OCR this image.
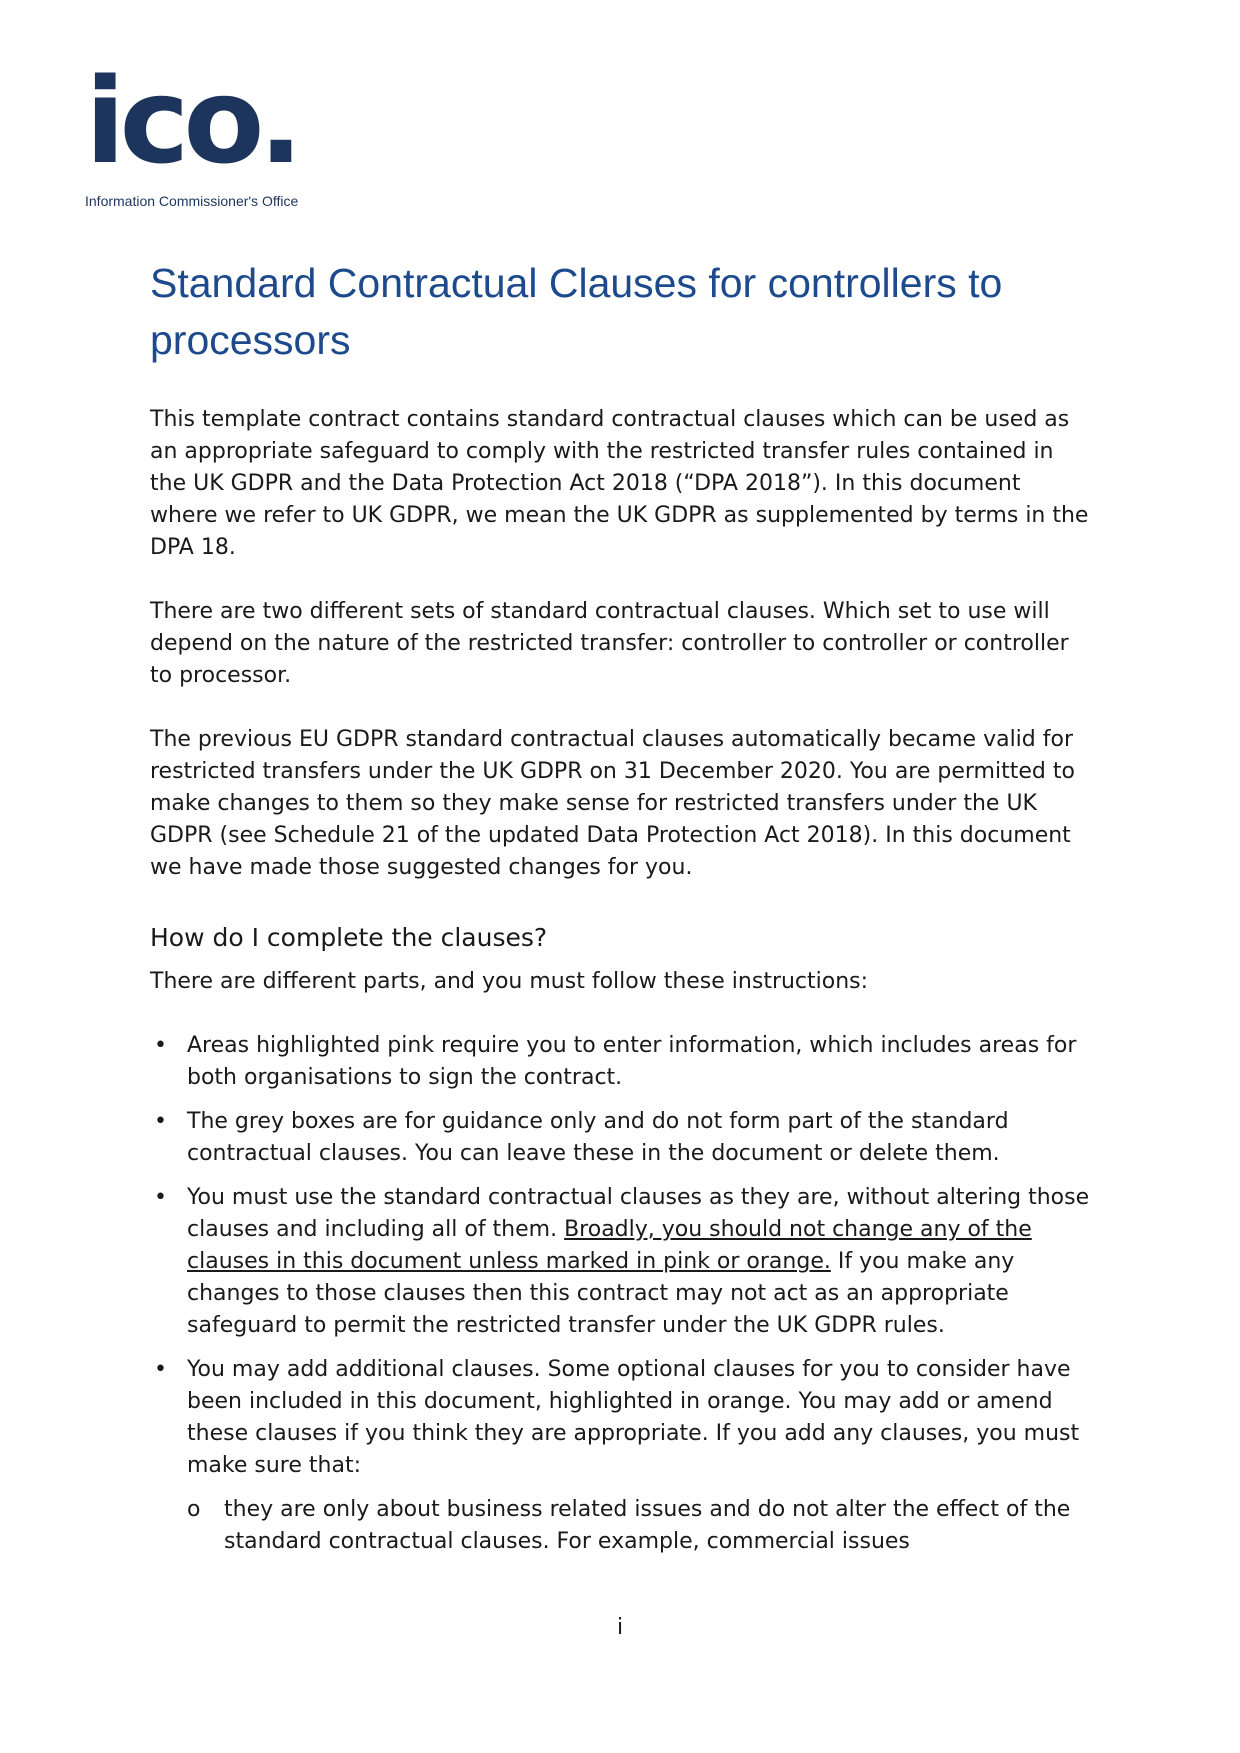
ico.
Information Commissioner's Office
Standard Contractual Clauses for controllers to processors

This template contract contains standard contractual clauses which can be used as an appropriate safeguard to comply with the restricted transfer rules contained in the UK GDPR and the Data Protection Act 2018 (“DPA 2018”). In this document where we refer to UK GDPR, we mean the UK GDPR as supplemented by terms in the DPA 18.

There are two different sets of standard contractual clauses. Which set to use will depend on the nature of the restricted transfer: controller to controller or controller to processor.

The previous EU GDPR standard contractual clauses automatically became valid for restricted transfers under the UK GDPR on 31 December 2020. You are permitted to make changes to them so they make sense for restricted transfers under the UK GDPR (see Schedule 21 of the updated Data Protection Act 2018). In this document we have made those suggested changes for you.

How do I complete the clauses?

There are different parts, and you must follow these instructions:

• Areas highlighted pink require you to enter information, which includes areas for both organisations to sign the contract.
• The grey boxes are for guidance only and do not form part of the standard contractual clauses. You can leave these in the document or delete them.
• You must use the standard contractual clauses as they are, without altering those clauses and including all of them. Broadly, you should not change any of the clauses in this document unless marked in pink or orange. If you make any changes to those clauses then this contract may not act as an appropriate safeguard to permit the restricted transfer under the UK GDPR rules.
• You may add additional clauses. Some optional clauses for you to consider have been included in this document, highlighted in orange. You may add or amend these clauses if you think they are appropriate. If you add any clauses, you must make sure that:
o they are only about business related issues and do not alter the effect of the standard contractual clauses. For example, commercial issues
i
